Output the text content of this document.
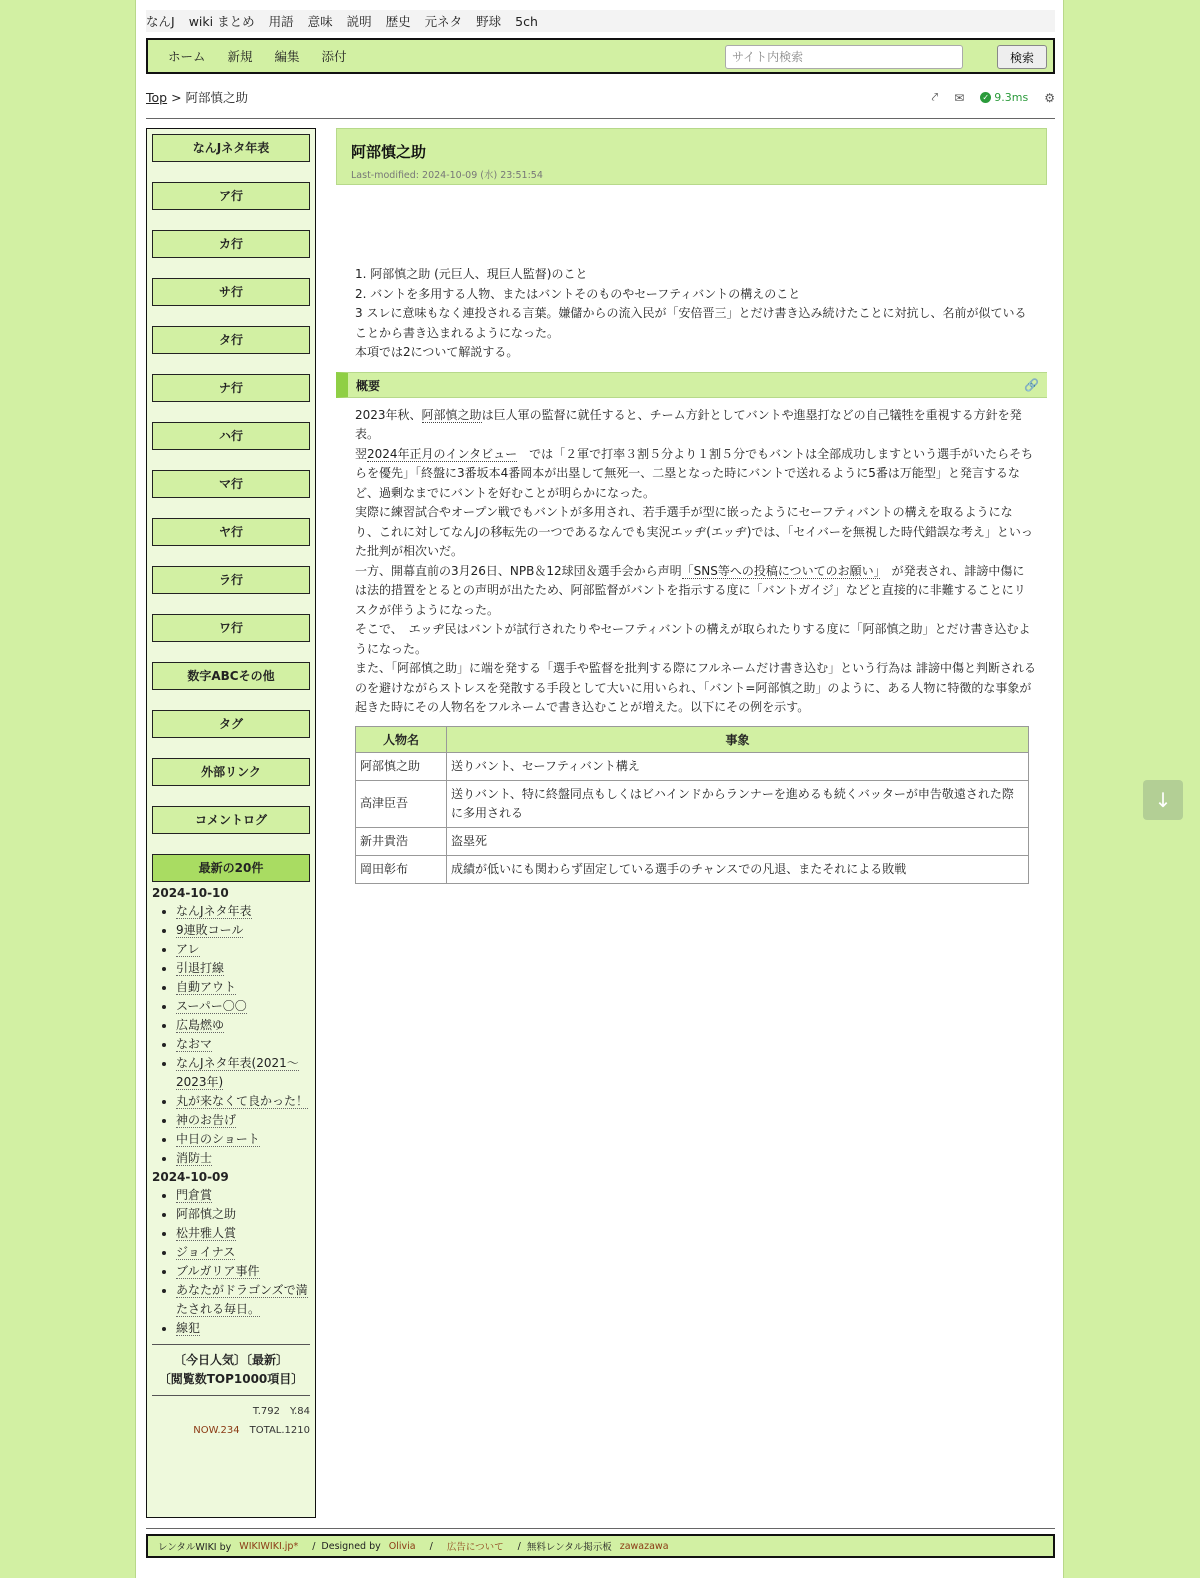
なんJ wiki まとめ 用語 意味 説明 歴史 元ネタ 野球 5ch
ホーム 新規 編集 添付
サイト内検索	検索
Top > 阿部慎之助	⤤ ✉ ✓ 9.3ms ⚙
なんJネタ年表
ア行
カ行
サ行
タ行
ナ行
ハ行
マ行
ヤ行
ラ行
ワ行
数字ABCその他
タグ
外部リンク
コメントログ
最新の20件
2024-10-10
• なんJネタ年表
• 9連敗コール
• アレ
• 引退打線
• 自動アウト
• スーパー〇〇
• 広島燃ゆ
• なおマ
• なんJネタ年表(2021〜2023年)
• 丸が来なくて良かった！
• 神のお告げ
• 中日のショート
• 消防士
2024-10-09
• 門倉賞
• 阿部慎之助
• 松井雅人賞
• ジョイナス
• ブルガリア事件
• あなたがドラゴンズで満たされる毎日。
• 線犯
〔今日人気〕〔最新〕
〔閲覧数TOP1000項目〕
T.792　Y.84
NOW.234 TOTAL.1210
阿部慎之助
Last-modified: 2024-10-09 (水) 23:51:54
1. 阿部慎之助 (元巨人、現巨人監督)のこと
2. バントを多用する人物、またはバントそのものやセーフティバントの構えのこと
3 スレに意味もなく連投される言葉。嫌儲からの流入民が「安倍晋三」とだけ書き込み続けたことに対抗し、名前が似ていることから書き込まれるようになった。
本項では2について解説する。
概要	🔗
2023年秋、阿部慎之助は巨人軍の監督に就任すると、チーム方針としてバントや進塁打などの自己犠牲を重視する方針を発表。
翌2024年正月のインタビュー　では「２軍で打率３割５分より１割５分でもバントは全部成功しますという選手がいたらそちらを優先」「終盤に3番坂本4番岡本が出塁して無死一、二塁となった時にバントで送れるように5番は万能型」と発言するなど、過剰なまでにバントを好むことが明らかになった。
実際に練習試合やオープン戦でもバントが多用され、若手選手が型に嵌ったようにセーフティバントの構えを取るようになり、これに対してなんJの移転先の一つであるなんでも実況エッヂ(エッヂ)では、「セイバーを無視した時代錯誤な考え」といった批判が相次いだ。
一方、開幕直前の3月26日、NPB＆12球団＆選手会から声明「SNS等への投稿についてのお願い」　が発表され、誹謗中傷には法的措置をとるとの声明が出たため、阿部監督がバントを指示する度に「バントガイジ」などと直接的に非難することにリスクが伴うようになった。
そこで、　エッヂ民はバントが試行されたりやセーフティバントの構えが取られたりする度に「阿部慎之助」とだけ書き込むようになった。
また、「阿部慎之助」に端を発する「選手や監督を批判する際にフルネームだけ書き込む」という行為は 誹謗中傷と判断されるのを避けながらストレスを発散する手段として大いに用いられ、「バント=阿部慎之助」のように、ある人物に特徴的な事象が起きた時にその人物名をフルネームで書き込むことが増えた。以下にその例を示す。
人物名	事象
阿部慎之助	送りバント、セーフティバント構え
高津臣吾	送りバント、特に終盤同点もしくはビハインドからランナーを進めるも続くバッターが申告敬遠された際に多用される
新井貴浩	盗塁死
岡田彰布	成績が低いにも関わらず固定している選手のチャンスでの凡退、またそれによる敗戦
レンタルWIKI by WIKIWIKI.jp* / Designed by Olivia / 広告について / 無料レンタル掲示板 zawazawa
↓
